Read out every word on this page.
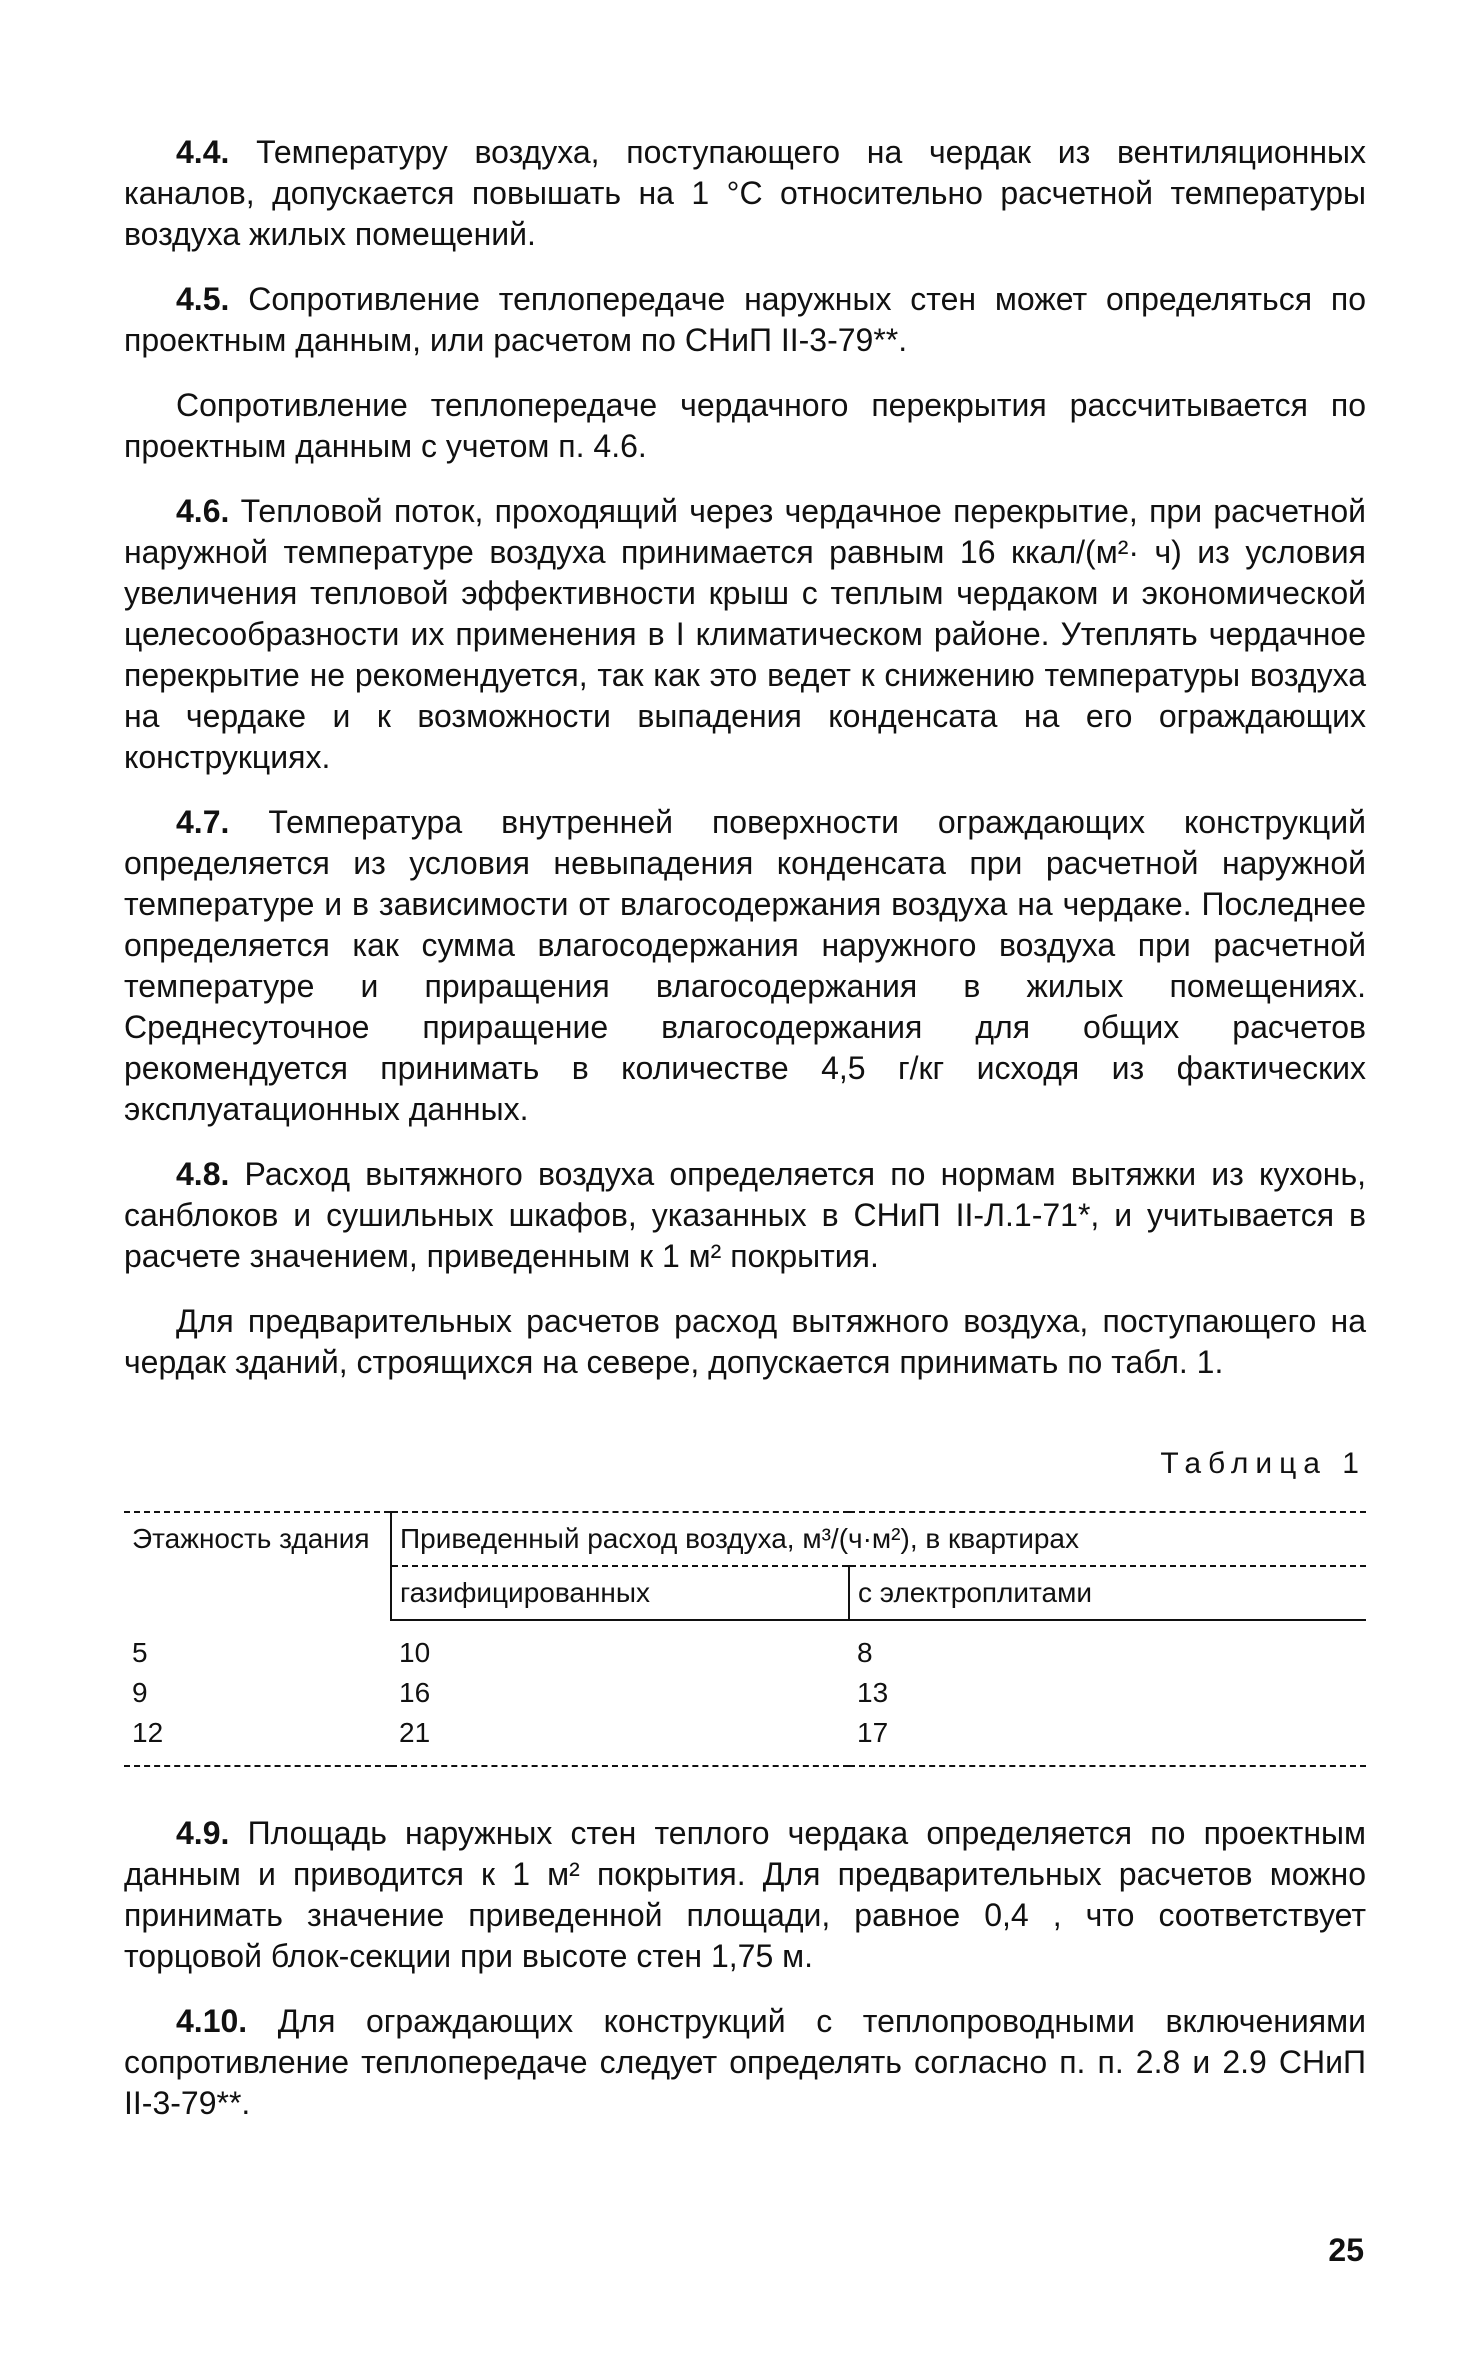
4.4. Температуру воздуха, поступающего на чердак из вентиляционных каналов, допускается повышать на 1 °С относительно расчетной температуры воздуха жилых помещений.

4.5. Сопротивление теплопередаче наружных стен может определяться по проектным данным, или расчетом по СНиП II-3-79**.

Сопротивление теплопередаче чердачного перекрытия рассчитывается по проектным данным с учетом п. 4.6.

4.6. Тепловой поток, проходящий через чердачное перекрытие, при расчетной наружной температуре воздуха принимается равным 16 ккал/(м²· ч) из условия увеличения тепловой эффективности крыш с теплым чердаком и экономической целесообразности их применения в I климатическом районе. Утеплять чердачное перекрытие не рекомендуется, так как это ведет к снижению температуры воздуха на чердаке и к возможности выпадения конденсата на его ограждающих конструкциях.

4.7. Температура внутренней поверхности ограждающих конструкций определяется из условия невыпадения конденсата при расчетной наружной температуре и в зависимости от влагосодержания воздуха на чердаке. Последнее определяется как сумма влагосодержания наружного воздуха при расчетной температуре и приращения влагосодержания в жилых помещениях. Среднесуточное приращение влагосодержания для общих расчетов рекомендуется принимать в количестве 4,5 г/кг исходя из фактических эксплуатационных данных.

4.8. Расход вытяжного воздуха определяется по нормам вытяжки из кухонь, санблоков и сушильных шкафов, указанных в СНиП II-Л.1-71*, и учитывается в расчете значением, приведенным к 1 м² покрытия.

Для предварительных расчетов расход вытяжного воздуха, поступающего на чердак зданий, строящихся на севере, допускается принимать по табл. 1.

Таблица 1
Этажность здания	Приведенный расход воздуха, м³/(ч·м²), в квартирах	
	газифицированных	с электроплитами
5	10	8
9	16	13
12	21	17

4.9. Площадь наружных стен теплого чердака определяется по проектным данным и приводится к 1 м² покрытия. Для предварительных расчетов можно принимать значение приведенной площади, равное 0,4 , что соответствует торцовой блок-секции при высоте стен 1,75 м.

4.10. Для ограждающих конструкций с теплопроводными включениями сопротивление теплопередаче следует определять согласно п. п. 2.8 и 2.9 СНиП II-3-79**.

25
